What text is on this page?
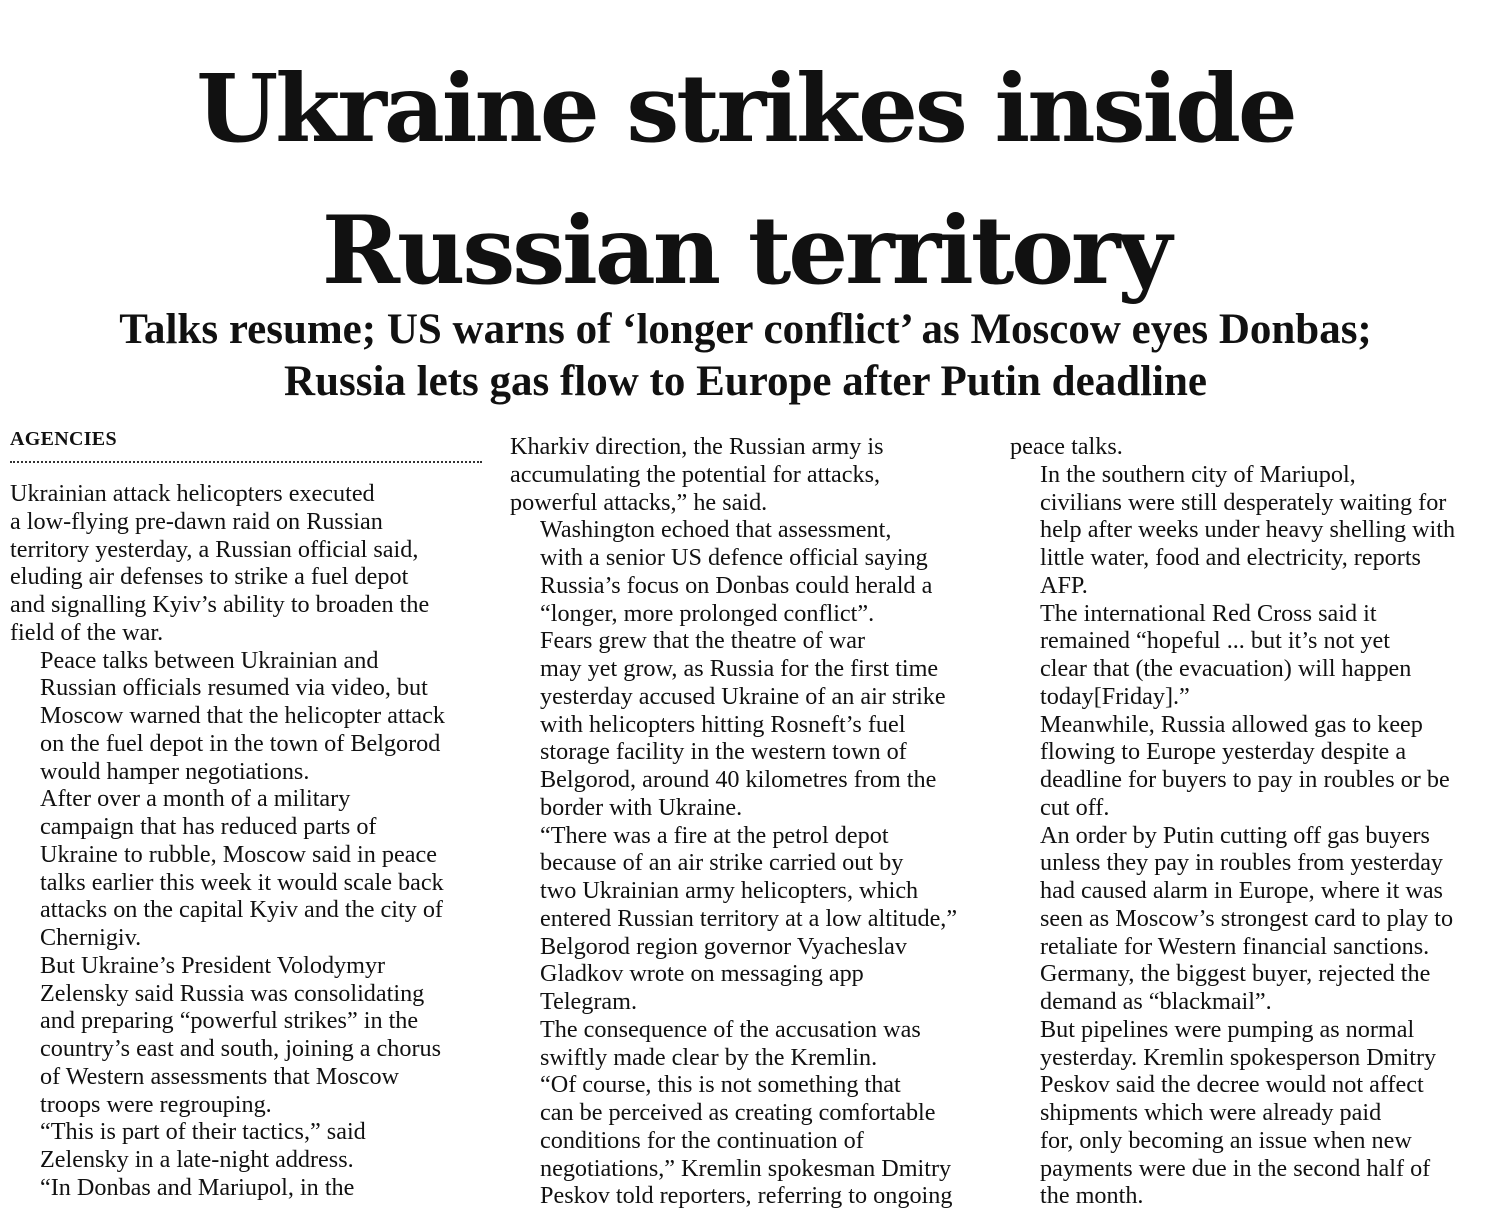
Ukraine strikes inside
Russian territory
Talks resume; US warns of ‘longer conflict’ as Moscow eyes Donbas;
Russia lets gas flow to Europe after Putin deadline
AGENCIES

Ukrainian attack helicopters executed
a low-flying pre-dawn raid on Russian
territory yesterday, a Russian official said,
eluding air defenses to strike a fuel depot
and signalling Kyiv’s ability to broaden the
field of the war.

Peace talks between Ukrainian and
Russian officials resumed via video, but
Moscow warned that the helicopter attack
on the fuel depot in the town of Belgorod
would hamper negotiations.

After over a month of a military
campaign that has reduced parts of
Ukraine to rubble, Moscow said in peace
talks earlier this week it would scale back
attacks on the capital Kyiv and the city of
Chernigiv.

But Ukraine’s President Volodymyr
Zelensky said Russia was consolidating
and preparing “powerful strikes” in the
country’s east and south, joining a chorus
of Western assessments that Moscow
troops were regrouping.

“This is part of their tactics,” said
Zelensky in a late-night address.

“In Donbas and Mariupol, in the

Kharkiv direction, the Russian army is
accumulating the potential for attacks,
powerful attacks,” he said.

Washington echoed that assessment,
with a senior US defence official saying
Russia’s focus on Donbas could herald a
“longer, more prolonged conflict”.

Fears grew that the theatre of war
may yet grow, as Russia for the first time
yesterday accused Ukraine of an air strike
with helicopters hitting Rosneft’s fuel
storage facility in the western town of
Belgorod, around 40 kilometres from the
border with Ukraine.

“There was a fire at the petrol depot
because of an air strike carried out by
two Ukrainian army helicopters, which
entered Russian territory at a low altitude,”
Belgorod region governor Vyacheslav
Gladkov wrote on messaging app
Telegram.

The consequence of the accusation was
swiftly made clear by the Kremlin.

“Of course, this is not something that
can be perceived as creating comfortable
conditions for the continuation of
negotiations,” Kremlin spokesman Dmitry
Peskov told reporters, referring to ongoing

peace talks.

In the southern city of Mariupol,
civilians were still desperately waiting for
help after weeks under heavy shelling with
little water, food and electricity, reports
AFP.

The international Red Cross said it
remained “hopeful ... but it’s not yet
clear that (the evacuation) will happen
today[Friday].”

Meanwhile, Russia allowed gas to keep
flowing to Europe yesterday despite a
deadline for buyers to pay in roubles or be
cut off.

An order by Putin cutting off gas buyers
unless they pay in roubles from yesterday
had caused alarm in Europe, where it was
seen as Moscow’s strongest card to play to
retaliate for Western financial sanctions.

Germany, the biggest buyer, rejected the
demand as “blackmail”.

But pipelines were pumping as normal
yesterday. Kremlin spokesperson Dmitry
Peskov said the decree would not affect
shipments which were already paid
for, only becoming an issue when new
payments were due in the second half of
the month.
